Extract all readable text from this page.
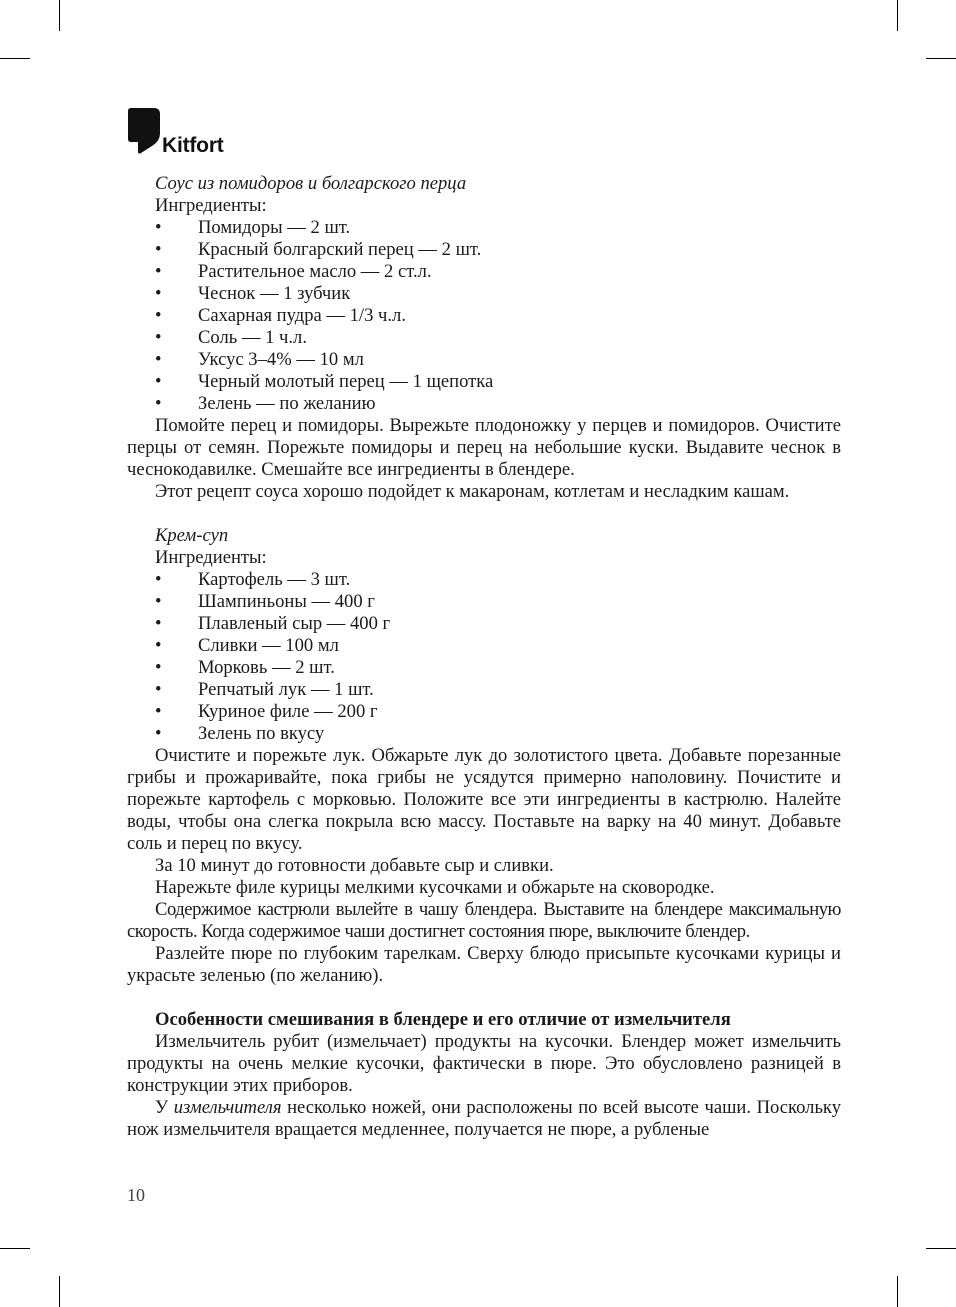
Kitfort

Соус из помидоров и болгарского перца

Ингредиенты:

• Помидоры — 2 шт.
• Красный болгарский перец — 2 шт.
• Растительное масло — 2 ст.л.
• Чеснок — 1 зубчик
• Сахарная пудра — 1/3 ч.л.
• Соль — 1 ч.л.
• Уксус 3–4% — 10 мл
• Черный молотый перец — 1 щепотка
• Зелень — по желанию

Помойте перец и помидоры. Вырежьте плодоножку у перцев и помидоров. Очистите перцы от семян. Порежьте помидоры и перец на небольшие куски. Выдавите чеснок в чеснокодавилке. Смешайте все ингредиенты в блендере.

Этот рецепт соуса хорошо подойдет к макаронам, котлетам и несладким кашам.

Крем-суп

Ингредиенты:

• Картофель — 3 шт.
• Шампиньоны — 400 г
• Плавленый сыр — 400 г
• Сливки — 100 мл
• Морковь — 2 шт.
• Репчатый лук — 1 шт.
• Куриное филе — 200 г
• Зелень по вкусу

Очистите и порежьте лук. Обжарьте лук до золотистого цвета. Добавьте порезанные грибы и прожаривайте, пока грибы не усядутся примерно наполовину. Почистите и порежьте картофель с морковью. Положите все эти ингредиенты в кастрюлю. Налейте воды, чтобы она слегка покрыла всю массу. Поставьте на варку на 40 минут. Добавьте соль и перец по вкусу.

За 10 минут до готовности добавьте сыр и сливки.

Нарежьте филе курицы мелкими кусочками и обжарьте на сковородке.

Содержимое кастрюли вылейте в чашу блендера. Выставите на блендере максимальную скорость. Когда содержимое чаши достигнет состояния пюре, выключите блендер.

Разлейте пюре по глубоким тарелкам. Сверху блюдо присыпьте кусочками курицы и украсьте зеленью (по желанию).

Особенности смешивания в блендере и его отличие от измельчителя

Измельчитель рубит (измельчает) продукты на кусочки. Блендер может измельчить продукты на очень мелкие кусочки, фактически в пюре. Это обусловлено разницей в конструкции этих приборов.

У измельчителя несколько ножей, они расположены по всей высоте чаши. Поскольку нож измельчителя вращается медленнее, получается не пюре, а рубленые

10
